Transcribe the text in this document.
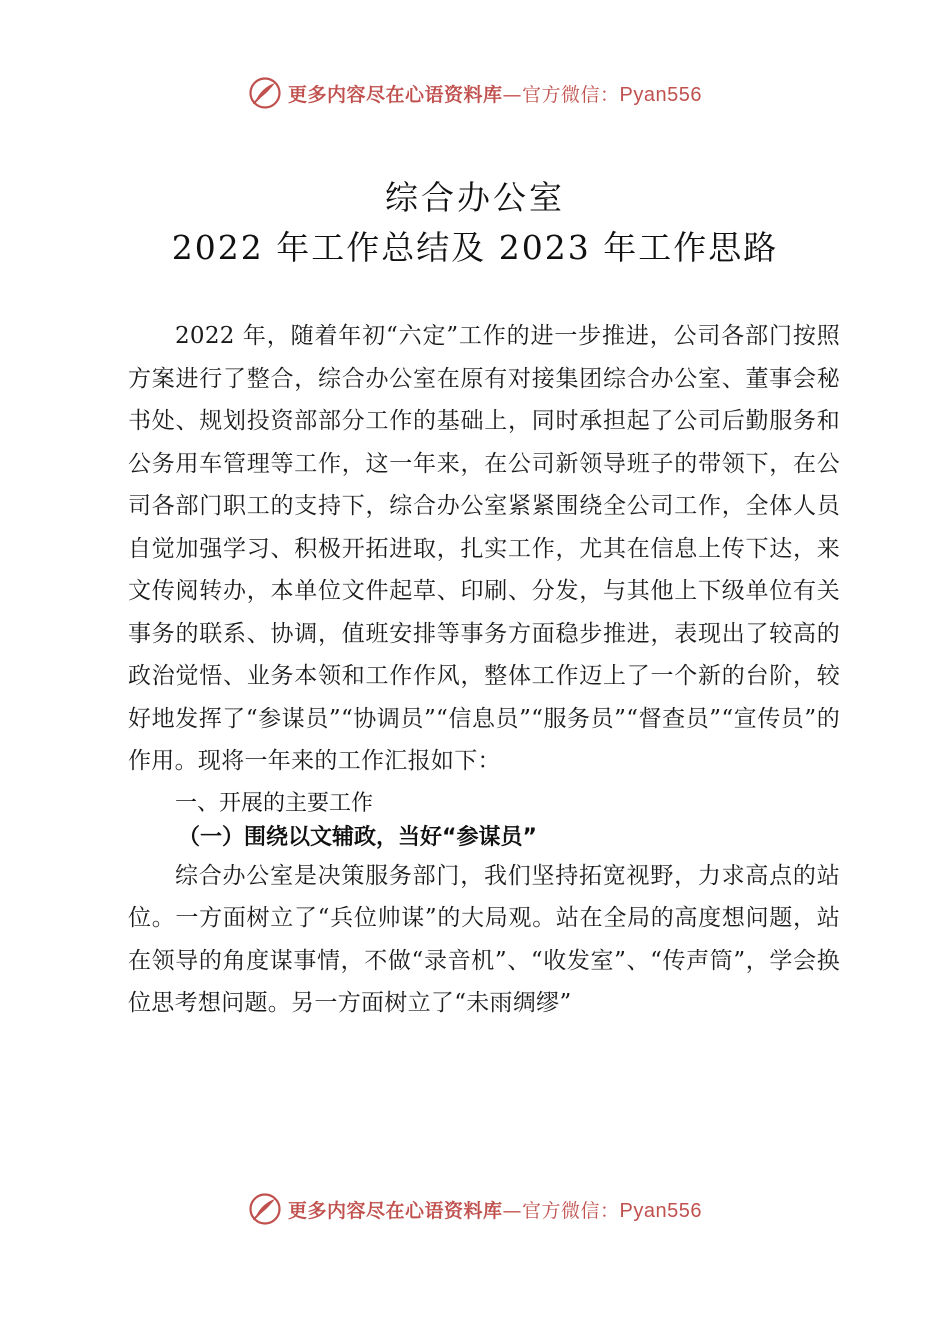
更多内容尽在心语资料库—官方微信：Pyan556
综合办公室
2022 年工作总结及 2023 年工作思路

2022 年，随着年初“六定”工作的进一步推进，公司各部门按照方案进行了整合，综合办公室在原有对接集团综合办公室、董事会秘书处、规划投资部部分工作的基础上，同时承担起了公司后勤服务和公务用车管理等工作，这一年来，在公司新领导班子的带领下，在公司各部门职工的支持下，综合办公室紧紧围绕全公司工作，全体人员自觉加强学习、积极开拓进取，扎实工作，尤其在信息上传下达，来文传阅转办，本单位文件起草、印刷、分发，与其他上下级单位有关事务的联系、协调，值班安排等事务方面稳步推进，表现出了较高的政治觉悟、业务本领和工作作风，整体工作迈上了一个新的台阶，较好地发挥了“参谋员”“协调员”“信息员”“服务员”“督查员”“宣传员”的作用。现将一年来的工作汇报如下：

一、开展的主要工作
（一）围绕以文辅政，当好“参谋员”

综合办公室是决策服务部门，我们坚持拓宽视野，力求高点的站位。一方面树立了“兵位帅谋”的大局观。站在全局的高度想问题，站在领导的角度谋事情，不做“录音机”、“收发室”、“传声筒”，学会换位思考想问题。另一方面树立了“未雨绸缪”

更多内容尽在心语资料库—官方微信：Pyan556
